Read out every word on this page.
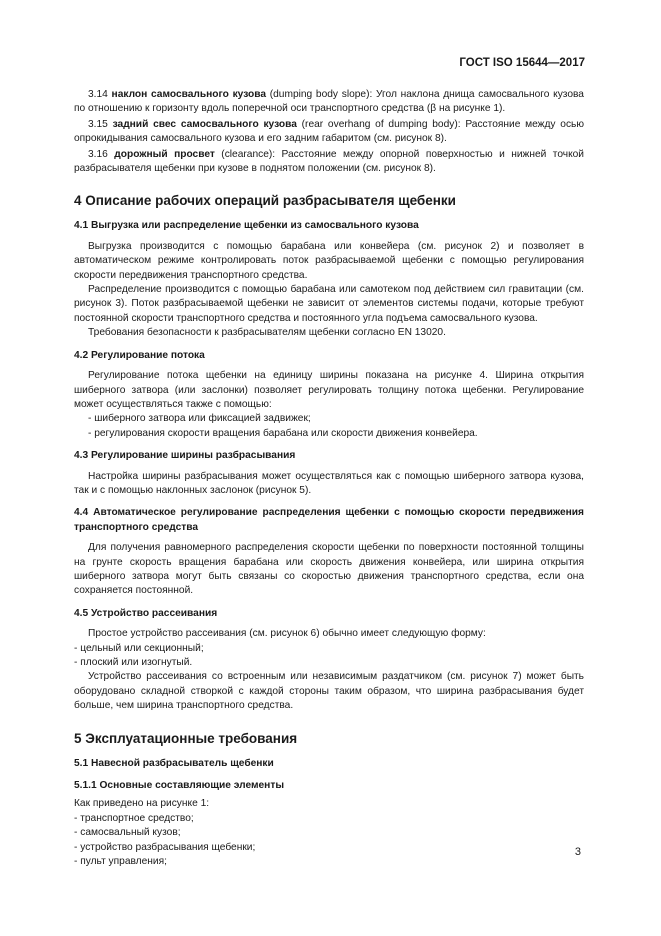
ГОСТ ISO 15644—2017

3.14 наклон самосвального кузова (dumping body slope): Угол наклона днища самосвального кузова по отношению к горизонту вдоль поперечной оси транспортного средства (β на рисунке 1).

3.15 задний свес самосвального кузова (rear overhang of dumping body): Расстояние между осью опрокидывания самосвального кузова и его задним габаритом (см. рисунок 8).

3.16 дорожный просвет (clearance): Расстояние между опорной поверхностью и нижней точкой разбрасывателя щебенки при кузове в поднятом положении (см. рисунок 8).

4 Описание рабочих операций разбрасывателя щебенки
4.1 Выгрузка или распределение щебенки из самосвального кузова

Выгрузка производится с помощью барабана или конвейера (см. рисунок 2) и позволяет в автоматическом режиме контролировать поток разбрасываемой щебенки с помощью регулирования скорости передвижения транспортного средства.

Распределение производится с помощью барабана или самотеком под действием сил гравитации (см. рисунок 3). Поток разбрасываемой щебенки не зависит от элементов системы подачи, которые требуют постоянной скорости транспортного средства и постоянного угла подъема самосвального кузова.

Требования безопасности к разбрасывателям щебенки согласно EN 13020.

4.2 Регулирование потока

Регулирование потока щебенки на единицу ширины показана на рисунке 4. Ширина открытия шиберного затвора (или заслонки) позволяет регулировать толщину потока щебенки. Регулирование может осуществляться также с помощью:

- шиберного затвора или фиксацией задвижек;

- регулирования скорости вращения барабана или скорости движения конвейера.

4.3 Регулирование ширины разбрасывания

Настройка ширины разбрасывания может осуществляться как с помощью шиберного затвора кузова, так и с помощью наклонных заслонок (рисунок 5).

4.4 Автоматическое регулирование распределения щебенки с помощью скорости передвижения транспортного средства

Для получения равномерного распределения скорости щебенки по поверхности постоянной толщины на грунте скорость вращения барабана или скорость движения конвейера, или ширина открытия шиберного затвора могут быть связаны со скоростью движения транспортного средства, если она сохраняется постоянной.

4.5 Устройство рассеивания

Простое устройство рассеивания (см. рисунок 6) обычно имеет следующую форму:

- цельный или секционный;

- плоский или изогнутый.

Устройство рассеивания со встроенным или независимым раздатчиком (см. рисунок 7) может быть оборудовано складной створкой с каждой стороны таким образом, что ширина разбрасывания будет больше, чем ширина транспортного средства.

5 Эксплуатационные требования
5.1 Навесной разбрасыватель щебенки
5.1.1 Основные составляющие элементы

Как приведено на рисунке 1:

- транспортное средство;

- самосвальный кузов;

- устройство разбрасывания щебенки;

- пульт управления;

3
